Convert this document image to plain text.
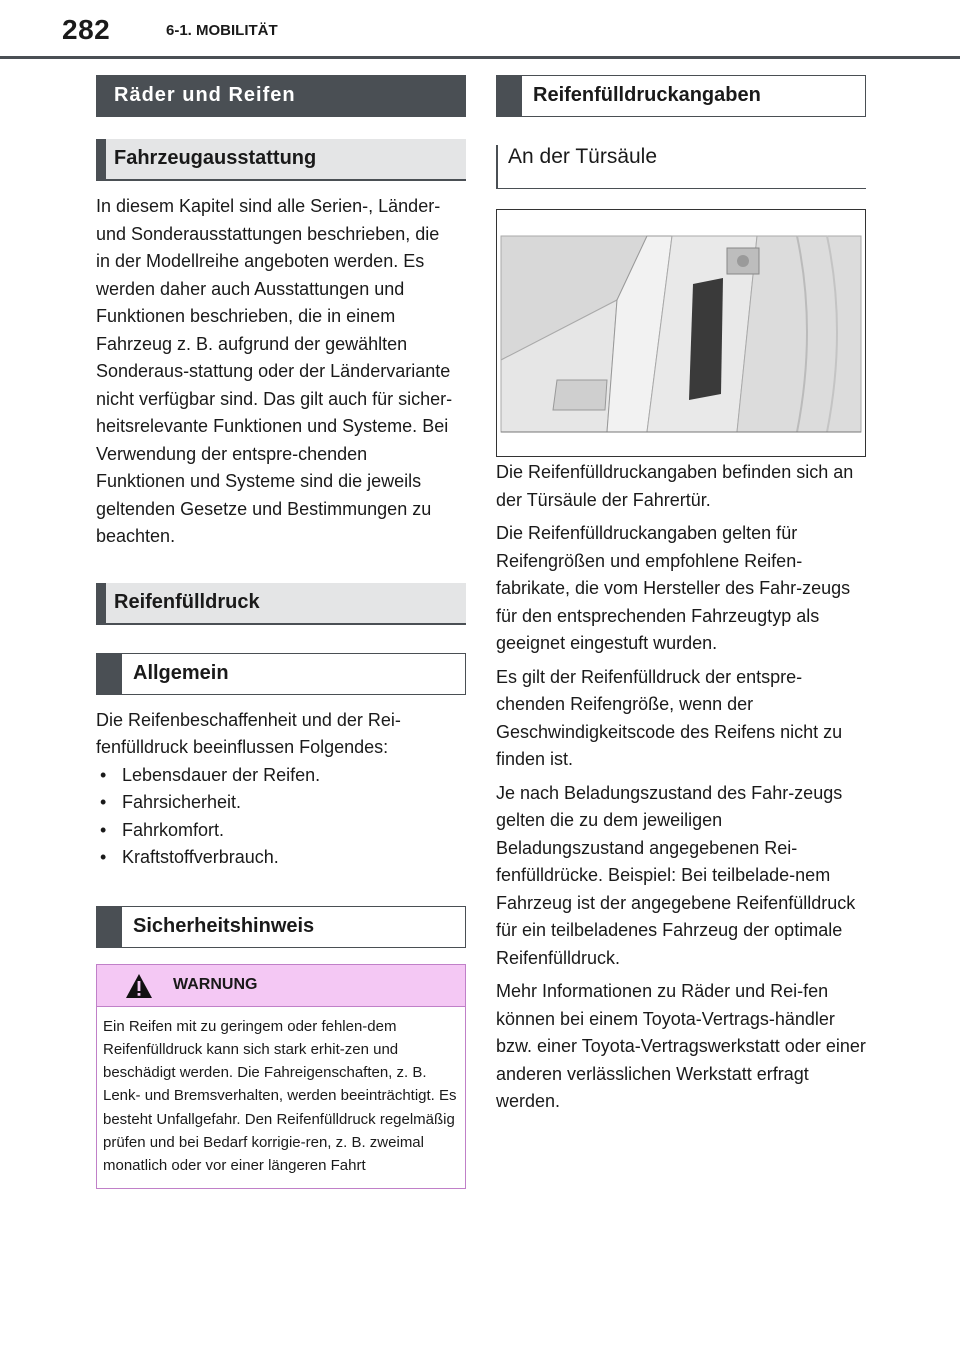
282	6-1. MOBILITÄT
Räder und Reifen
Fahrzeugausstattung

In diesem Kapitel sind alle Serien-, Länder- und Sonderausstattungen beschrieben, die in der Modellreihe angeboten werden. Es werden daher auch Ausstattungen und Funktionen beschrieben, die in einem Fahrzeug z. B. aufgrund der gewählten Sonderaus-stattung oder der Ländervariante nicht verfügbar sind. Das gilt auch für sicher-heitsrelevante Funktionen und Systeme. Bei Verwendung der entspre-chenden Funktionen und Systeme sind die jeweils geltenden Gesetze und Bestimmungen zu beachten.

Reifenfülldruck
Allgemein

Die Reifenbeschaffenheit und der Rei-fenfülldruck beeinflussen Folgendes:

• Lebensdauer der Reifen.
• Fahrsicherheit.
• Fahrkomfort.
• Kraftstoffverbrauch.
Sicherheitshinweis
WARNUNG
Ein Reifen mit zu geringem oder fehlen-dem Reifenfülldruck kann sich stark erhit-zen und beschädigt werden. Die Fahreigenschaften, z. B. Lenk- und Bremsverhalten, werden beeinträchtigt. Es besteht Unfallgefahr. Den Reifenfülldruck regelmäßig prüfen und bei Bedarf korrigie-ren, z. B. zweimal monatlich oder vor einer längeren Fahrt
Reifenfülldruckangaben
An der Türsäule

Die Reifenfülldruckangaben befinden sich an der Türsäule der Fahrertür.

Die Reifenfülldruckangaben gelten für Reifengrößen und empfohlene Reifen-fabrikate, die vom Hersteller des Fahr-zeugs für den entsprechenden Fahrzeugtyp als geeignet eingestuft wurden.

Es gilt der Reifenfülldruck der entspre-chenden Reifengröße, wenn der Geschwindigkeitscode des Reifens nicht zu finden ist.

Je nach Beladungszustand des Fahr-zeugs gelten die zu dem jeweiligen Beladungszustand angegebenen Rei-fenfülldrücke. Beispiel: Bei teilbelade-nem Fahrzeug ist der angegebene Reifenfülldruck für ein teilbeladenes Fahrzeug der optimale Reifenfülldruck.

Mehr Informationen zu Räder und Rei-fen können bei einem Toyota-Vertrags-händler bzw. einer Toyota-Vertragswerkstatt oder einer anderen verlässlichen Werkstatt erfragt werden.
